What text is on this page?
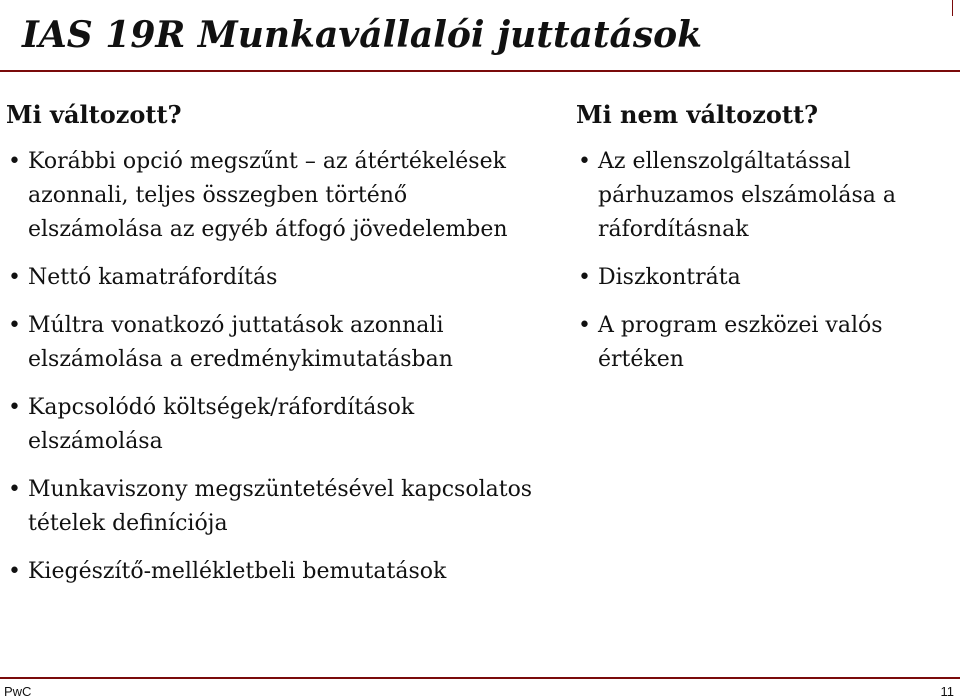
IAS 19R Munkavállalói juttatások
Mi változott?
• Korábbi opció megszűnt – az átértékelések azonnali, teljes összegben történő elszámolása az egyéb átfogó jövedelemben
• Nettó kamatráfordítás
• Múltra vonatkozó juttatások azonnali elszámolása a eredménykimutatásban
• Kapcsolódó költségek/ráfordítások elszámolása
• Munkaviszony megszüntetésével kapcsolatos tételek definíciója
• Kiegészítő-mellékletbeli bemutatások
Mi nem változott?
• Az ellenszolgáltatással párhuzamos elszámolása a ráfordításnak
• Diszkontráta
• A program eszközei valós értéken
PwC	11
